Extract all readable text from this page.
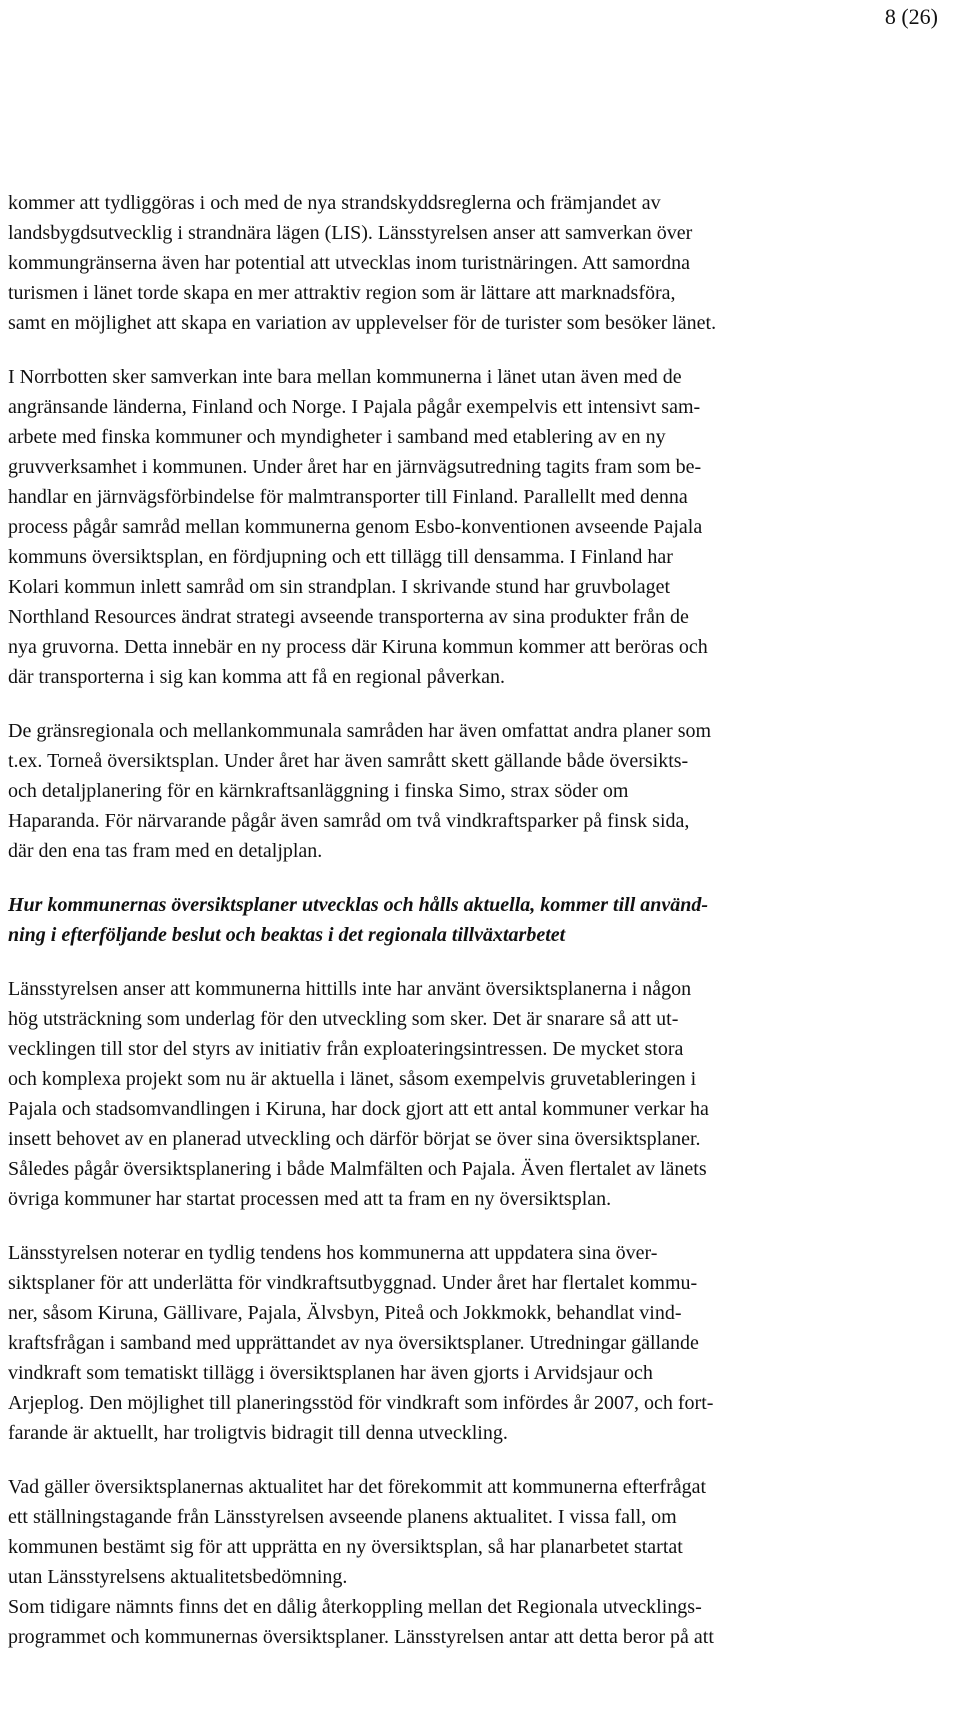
8 (26)
kommer att tydliggöras i och med de nya strandskyddsreglerna och främjandet av
landsbygdsutvecklig i strandnära lägen (LIS). Länsstyrelsen anser att samverkan över
kommungränserna även har potential att utvecklas inom turistnäringen. Att samordna
turismen i länet torde skapa en mer attraktiv region som är lättare att marknadsföra,
samt en möjlighet att skapa en variation av upplevelser för de turister som besöker länet.
I Norrbotten sker samverkan inte bara mellan kommunerna i länet utan även med de
angränsande länderna, Finland och Norge. I Pajala pågår exempelvis ett intensivt sam-
arbete med finska kommuner och myndigheter i samband med etablering av en ny
gruvverksamhet i kommunen. Under året har en järnvägsutredning tagits fram som be-
handlar en järnvägsförbindelse för malmtransporter till Finland. Parallellt med denna
process pågår samråd mellan kommunerna genom Esbo-konventionen avseende Pajala
kommuns översiktsplan, en fördjupning och ett tillägg till densamma. I Finland har
Kolari kommun inlett samråd om sin strandplan. I skrivande stund har gruvbolaget
Northland Resources ändrat strategi avseende transporterna av sina produkter från de
nya gruvorna. Detta innebär en ny process där Kiruna kommun kommer att beröras och
där transporterna i sig kan komma att få en regional påverkan.
De gränsregionala och mellankommunala samråden har även omfattat andra planer som
t.ex. Torneå översiktsplan. Under året har även samrått skett gällande både översikts-
och detaljplanering för en kärnkraftsanläggning i finska Simo, strax söder om
Haparanda. För närvarande pågår även samråd om två vindkraftsparker på finsk sida,
där den ena tas fram med en detaljplan.
Hur kommunernas översiktsplaner utvecklas och hålls aktuella, kommer till använd-
ning i efterföljande beslut och beaktas i det regionala tillväxtarbetet
Länsstyrelsen anser att kommunerna hittills inte har använt översiktsplanerna i någon
hög utsträckning som underlag för den utveckling som sker. Det är snarare så att ut-
vecklingen till stor del styrs av initiativ från exploateringsintressen. De mycket stora
och komplexa projekt som nu är aktuella i länet, såsom exempelvis gruvetableringen i
Pajala och stadsomvandlingen i Kiruna, har dock gjort att ett antal kommuner verkar ha
insett behovet av en planerad utveckling och därför börjat se över sina översiktsplaner.
Således pågår översiktsplanering i både Malmfälten och Pajala. Även flertalet av länets
övriga kommuner har startat processen med att ta fram en ny översiktsplan.
Länsstyrelsen noterar en tydlig tendens hos kommunerna att uppdatera sina över-
siktsplaner för att underlätta för vindkraftsutbyggnad. Under året har flertalet kommu-
ner, såsom Kiruna, Gällivare, Pajala, Älvsbyn, Piteå och Jokkmokk, behandlat vind-
kraftsfrågan i samband med upprättandet av nya översiktsplaner. Utredningar gällande
vindkraft som tematiskt tillägg i översiktsplanen har även gjorts i Arvidsjaur och
Arjeplog. Den möjlighet till planeringsstöd för vindkraft som infördes år 2007, och fort-
farande är aktuellt, har troligtvis bidragit till denna utveckling.
Vad gäller översiktsplanernas aktualitet har det förekommit att kommunerna efterfrågat
ett ställningstagande från Länsstyrelsen avseende planens aktualitet. I vissa fall, om
kommunen bestämt sig för att upprätta en ny översiktsplan, så har planarbetet startat
utan Länsstyrelsens aktualitetsbedömning.
Som tidigare nämnts finns det en dålig återkoppling mellan det Regionala utvecklings-
programmet och kommunernas översiktsplaner. Länsstyrelsen antar att detta beror på att
